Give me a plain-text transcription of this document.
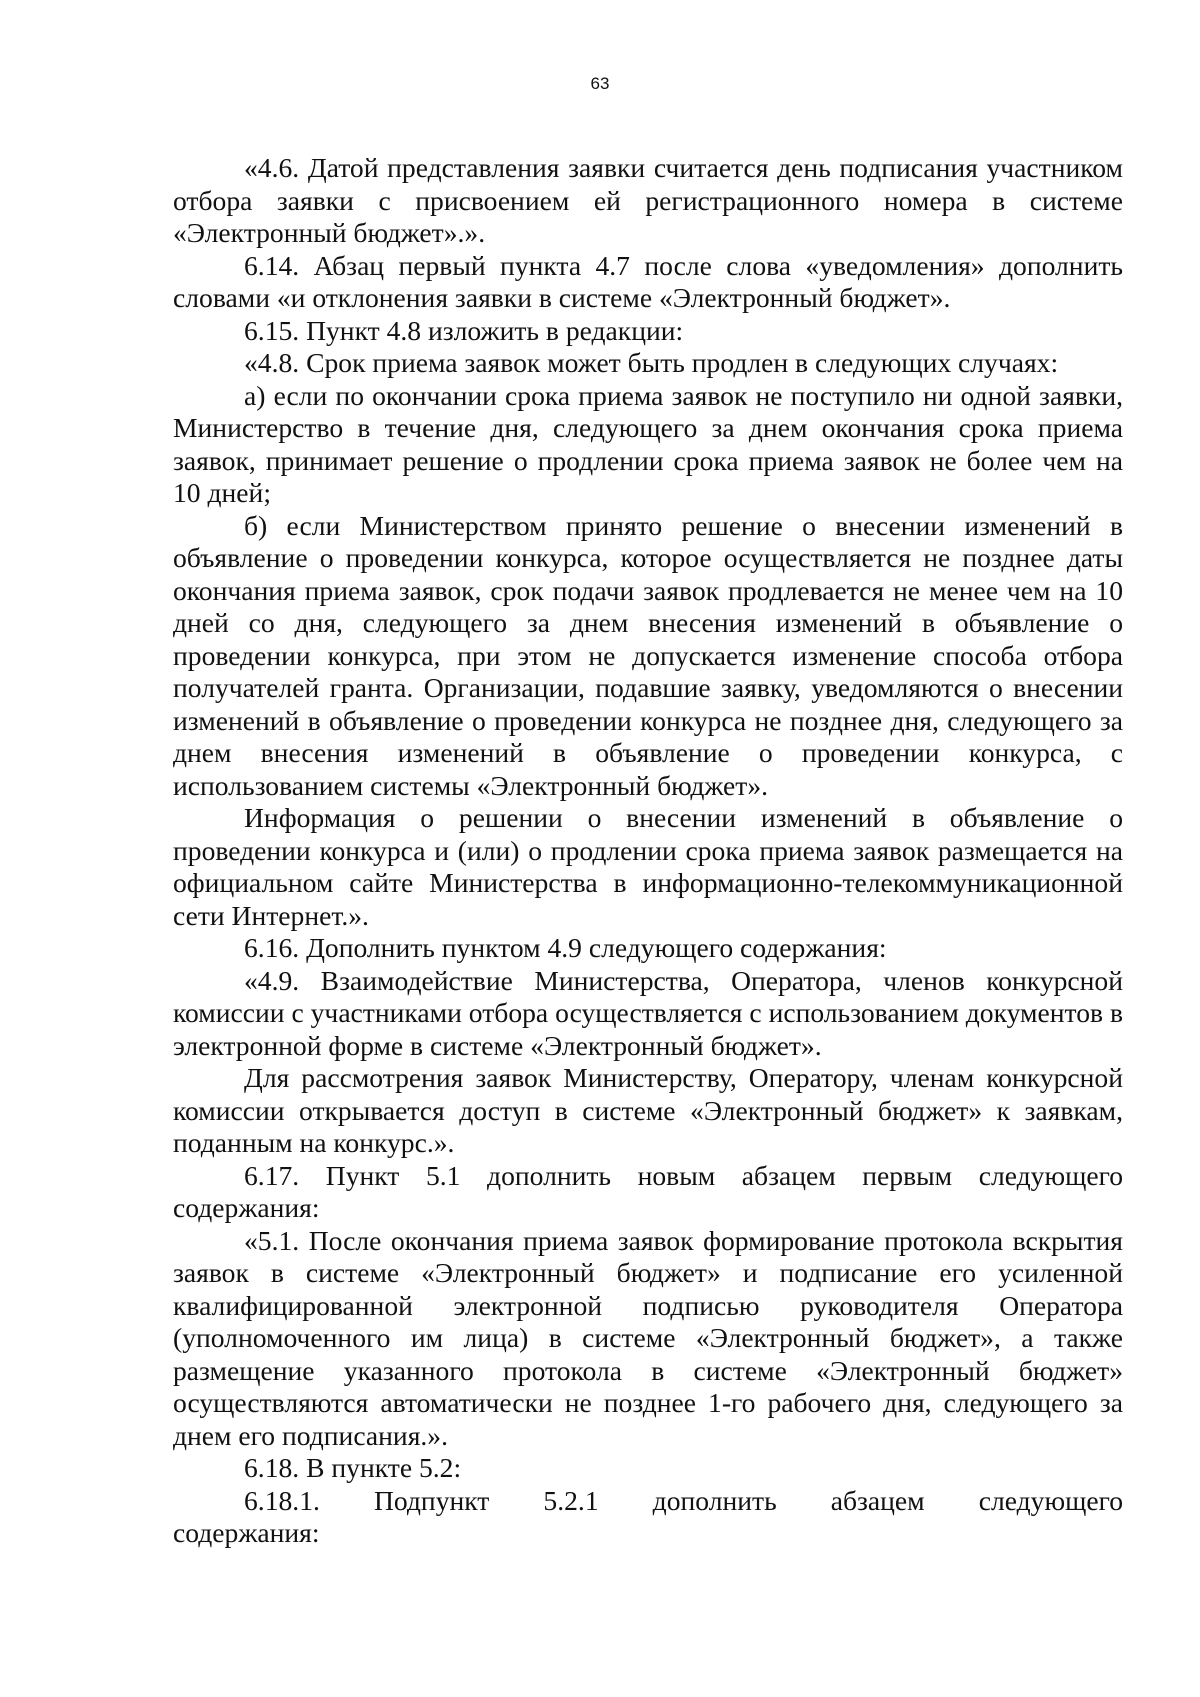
63

«4.6. Датой представления заявки считается день подписания участником отбора заявки с присвоением ей регистрационного номера в системе «Электронный бюджет».».

6.14. Абзац первый пункта 4.7 после слова «уведомления» дополнить словами «и отклонения заявки в системе «Электронный бюджет».

6.15. Пункт 4.8 изложить в редакции:

«4.8. Срок приема заявок может быть продлен в следующих случаях:

а) если по окончании срока приема заявок не поступило ни одной заявки, Министерство в течение дня, следующего за днем окончания срока приема заявок, принимает решение о продлении срока приема заявок не более чем на 10 дней;

б) если Министерством принято решение о внесении изменений в объявление о проведении конкурса, которое осуществляется не позднее даты окончания приема заявок, срок подачи заявок продлевается не менее чем на 10 дней со дня, следующего за днем внесения изменений в объявление о проведении конкурса, при этом не допускается изменение способа отбора получателей гранта. Организации, подавшие заявку, уведомляются о внесении изменений в объявление о проведении конкурса не позднее дня, следующего за днем внесения изменений в объявление о проведении конкурса, с использованием системы «Электронный бюджет».

Информация о решении о внесении изменений в объявление о проведении конкурса и (или) о продлении срока приема заявок размещается на официальном сайте Министерства в информационно-телекоммуникационной сети Интернет.».

6.16. Дополнить пунктом 4.9 следующего содержания:

«4.9. Взаимодействие Министерства, Оператора, членов конкурсной комиссии с участниками отбора осуществляется с использованием документов в электронной форме в системе «Электронный бюджет».

Для рассмотрения заявок Министерству, Оператору, членам конкурсной комиссии открывается доступ в системе «Электронный бюджет» к заявкам, поданным на конкурс.».

6.17. Пункт 5.1 дополнить новым абзацем первым следующего содержания:

«5.1. После окончания приема заявок формирование протокола вскрытия заявок в системе «Электронный бюджет» и подписание его усиленной квалифицированной электронной подписью руководителя Оператора (уполномоченного им лица) в системе «Электронный бюджет», а также размещение указанного протокола в системе «Электронный бюджет» осуществляются автоматически не позднее 1-го рабочего дня, следующего за днем его подписания.».

6.18. В пункте 5.2:

6.18.1. Подпункт 5.2.1 дополнить абзацем следующего

содержания:
